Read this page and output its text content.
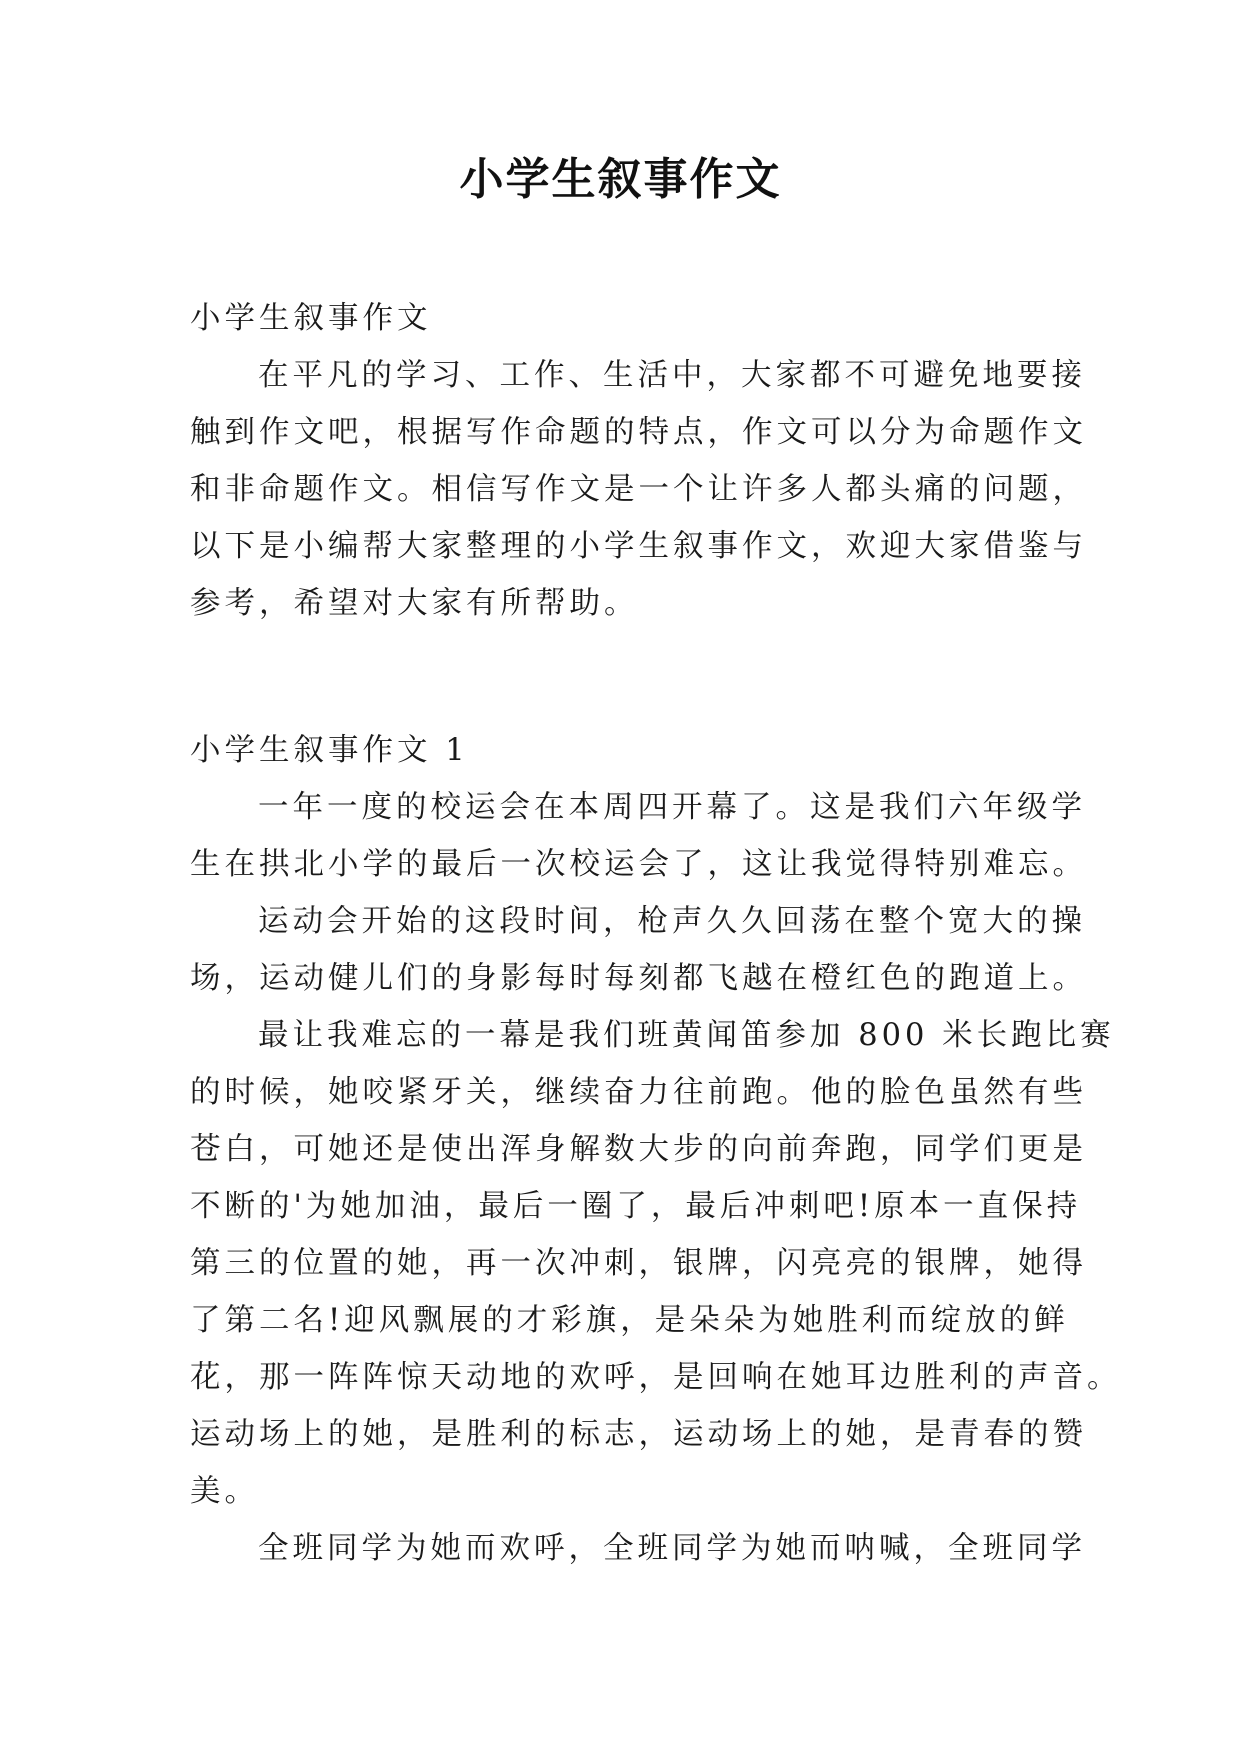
小学生叙事作文
小学生叙事作文
在平凡的学习、工作、生活中，大家都不可避免地要接
触到作文吧，根据写作命题的特点，作文可以分为命题作文
和非命题作文。相信写作文是一个让许多人都头痛的问题，
以下是小编帮大家整理的小学生叙事作文，欢迎大家借鉴与
参考，希望对大家有所帮助。
小学生叙事作文 1
一年一度的校运会在本周四开幕了。这是我们六年级学
生在拱北小学的最后一次校运会了，这让我觉得特别难忘。
运动会开始的这段时间，枪声久久回荡在整个宽大的操
场，运动健儿们的身影每时每刻都飞越在橙红色的跑道上。
最让我难忘的一幕是我们班黄闻笛参加 800 米长跑比赛
的时候，她咬紧牙关，继续奋力往前跑。他的脸色虽然有些
苍白，可她还是使出浑身解数大步的向前奔跑，同学们更是
不断的'为她加油，最后一圈了，最后冲刺吧!原本一直保持
第三的位置的她，再一次冲刺，银牌，闪亮亮的银牌，她得
了第二名!迎风飘展的才彩旗，是朵朵为她胜利而绽放的鲜
花，那一阵阵惊天动地的欢呼，是回响在她耳边胜利的声音。
运动场上的她，是胜利的标志，运动场上的她，是青春的赞
美。
全班同学为她而欢呼，全班同学为她而呐喊，全班同学
